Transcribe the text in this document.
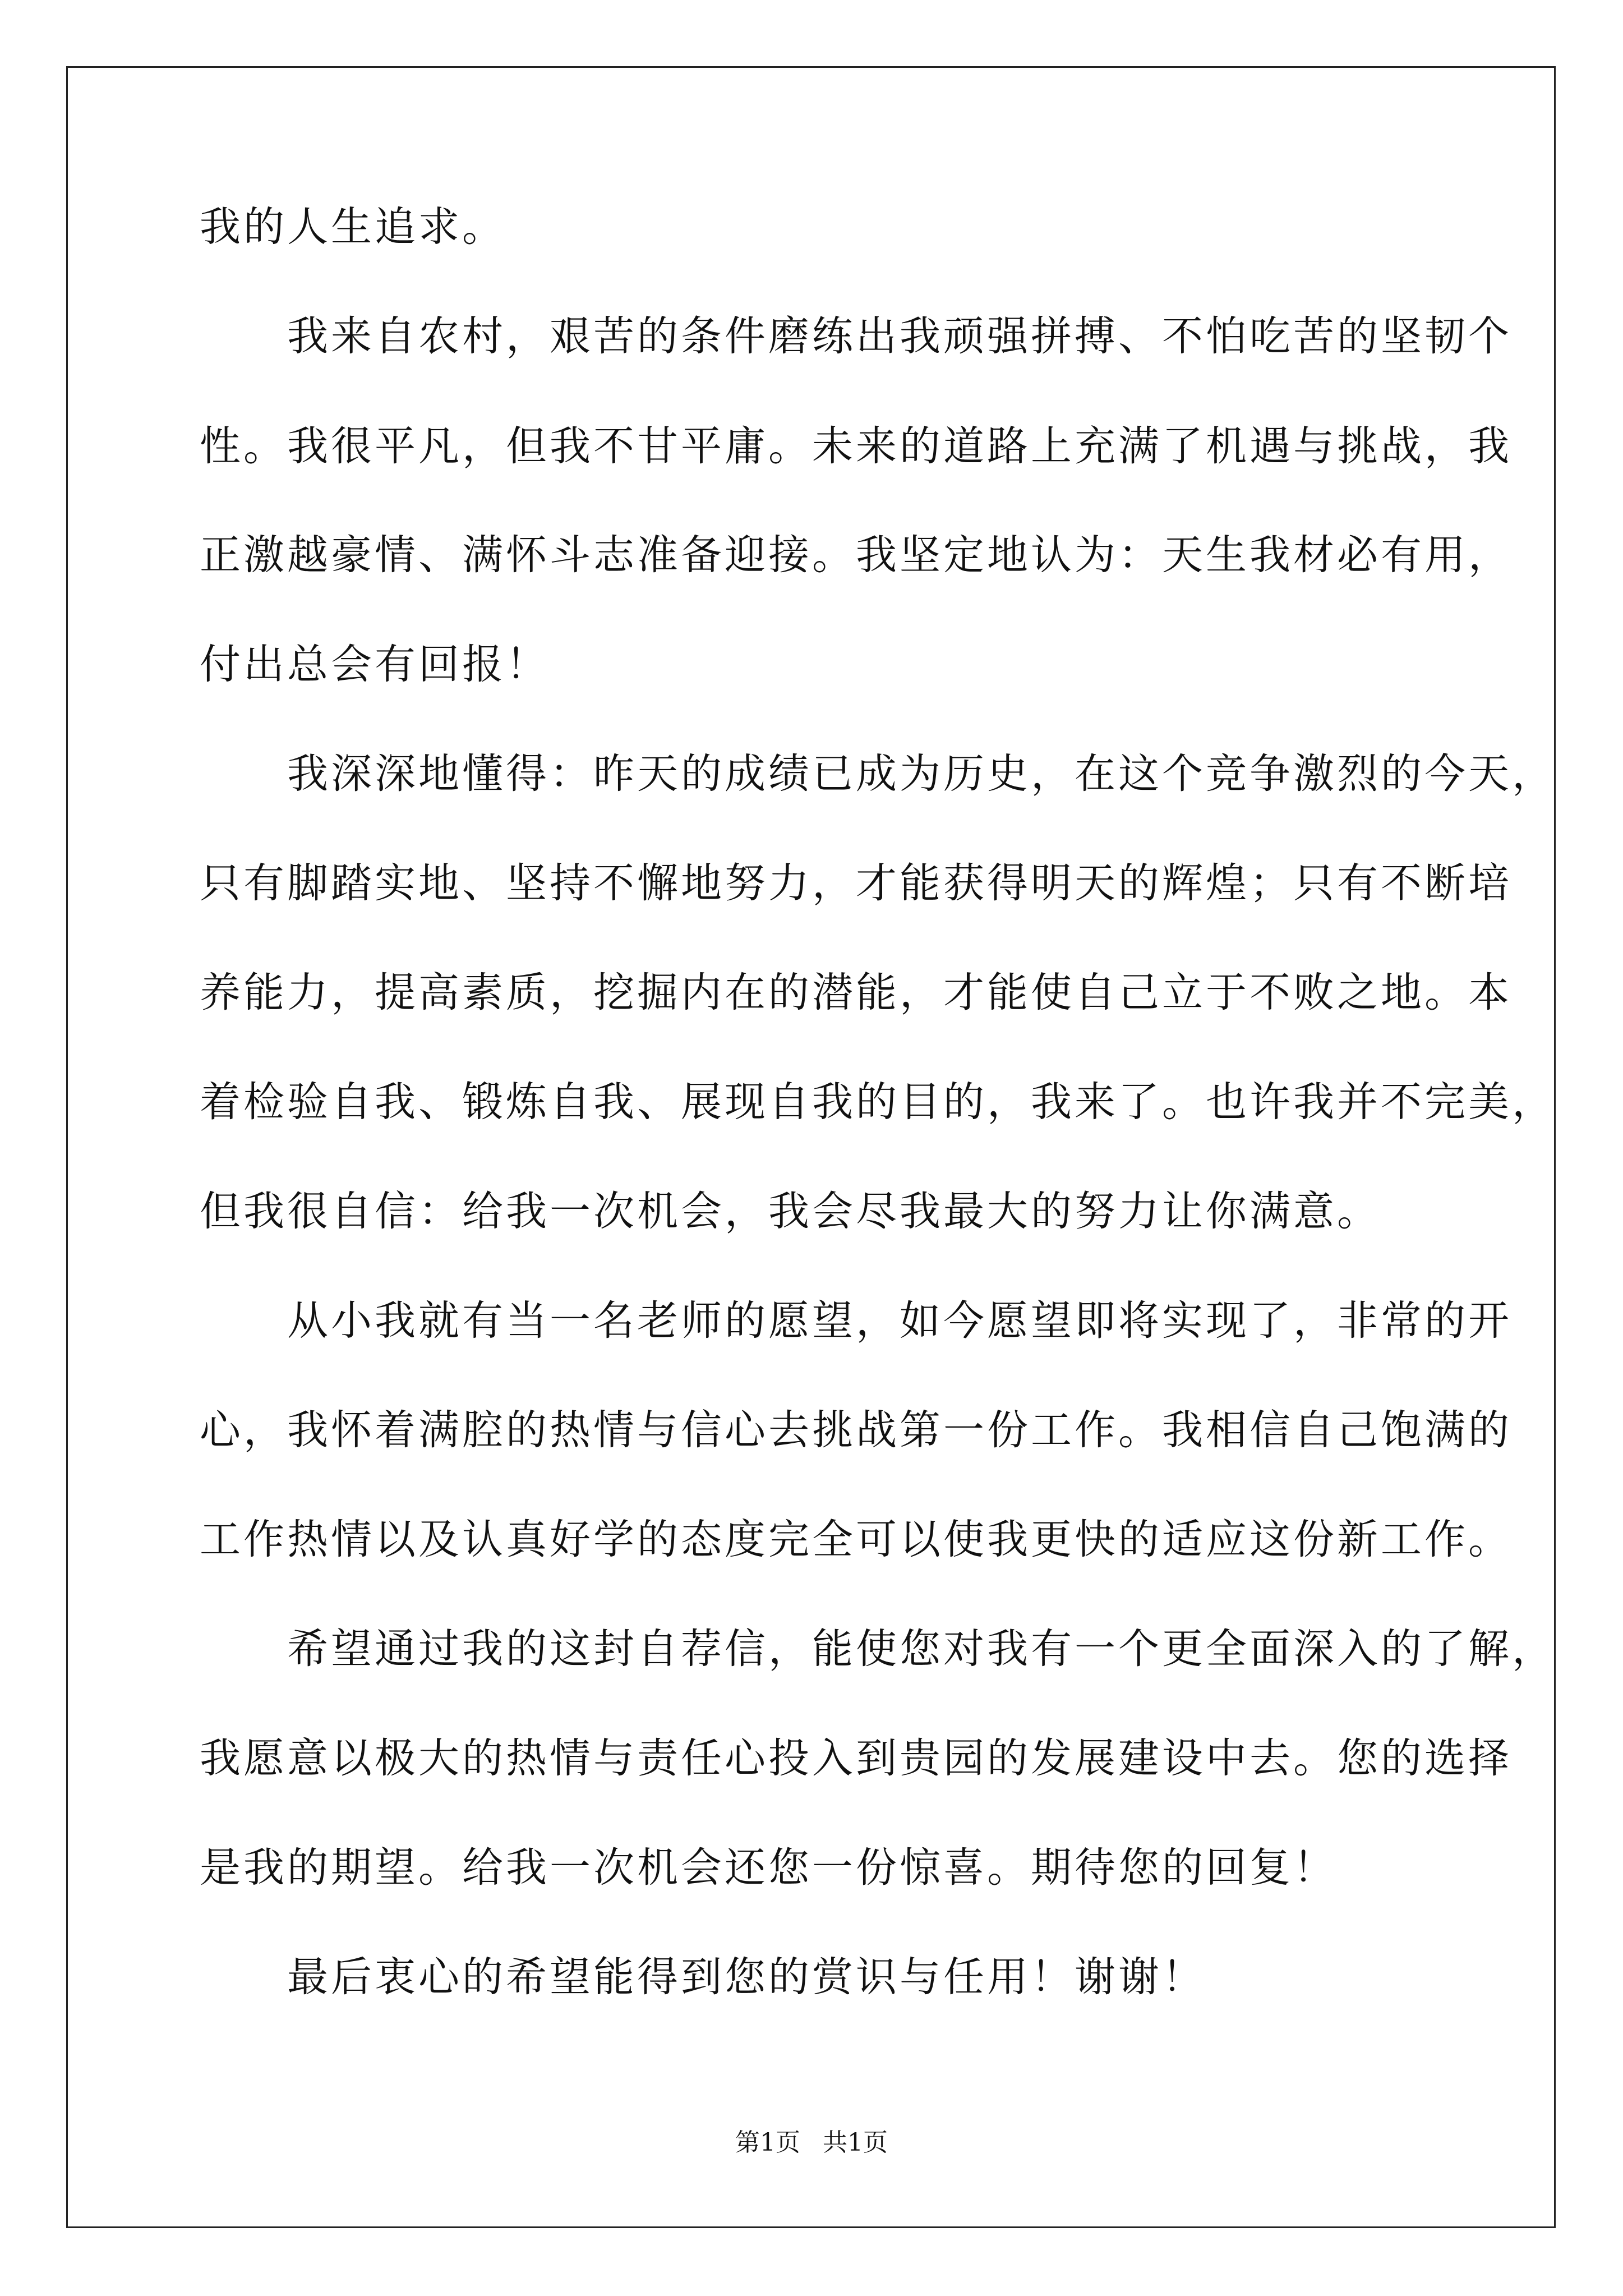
我的人生追求。
　　我来自农村，艰苦的条件磨练出我顽强拼搏、不怕吃苦的坚韧个
性。我很平凡，但我不甘平庸。未来的道路上充满了机遇与挑战，我
正激越豪情、满怀斗志准备迎接。我坚定地认为：天生我材必有用，
付出总会有回报！
　　我深深地懂得：昨天的成绩已成为历史，在这个竞争激烈的今天，
只有脚踏实地、坚持不懈地努力，才能获得明天的辉煌；只有不断培
养能力，提高素质，挖掘内在的潜能，才能使自己立于不败之地。本
着检验自我、锻炼自我、展现自我的目的，我来了。也许我并不完美，
但我很自信：给我一次机会，我会尽我最大的努力让你满意。
　　从小我就有当一名老师的愿望，如今愿望即将实现了，非常的开
心，我怀着满腔的热情与信心去挑战第一份工作。我相信自己饱满的
工作热情以及认真好学的态度完全可以使我更快的适应这份新工作。
　　希望通过我的这封自荐信，能使您对我有一个更全面深入的了解，
我愿意以极大的热情与责任心投入到贵园的发展建设中去。您的选择
是我的期望。给我一次机会还您一份惊喜。期待您的回复！
　　最后衷心的希望能得到您的赏识与任用！谢谢！
第1页 共1页
